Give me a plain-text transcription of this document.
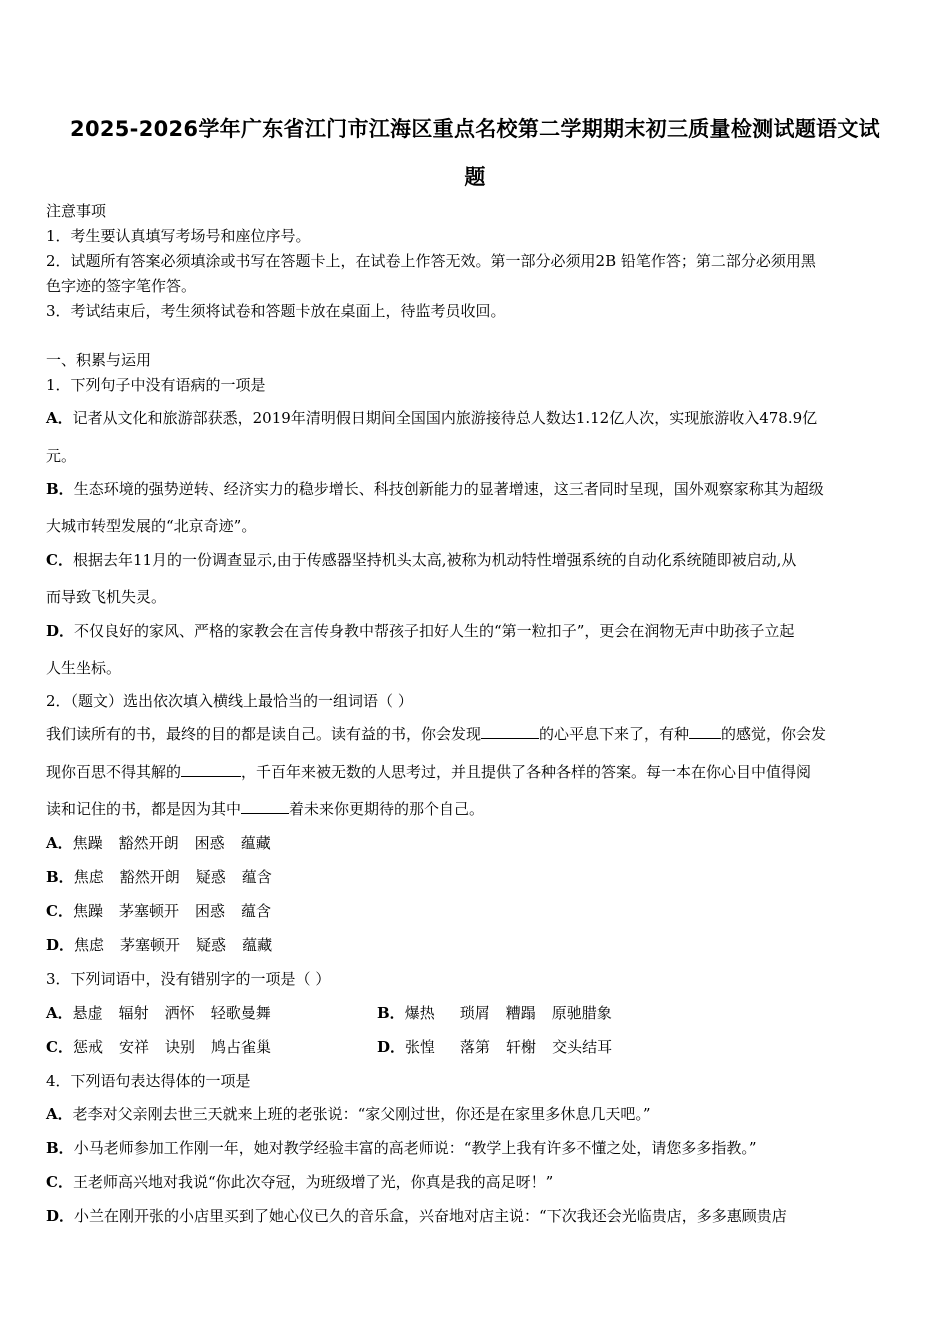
2025-2026学年广东省江门市江海区重点名校第二学期期末初三质量检测试题语文试
题
注意事项
1．考生要认真填写考场号和座位序号。
2．试题所有答案必须填涂或书写在答题卡上，在试卷上作答无效。第一部分必须用2B 铅笔作答；第二部分必须用黑
色字迹的签字笔作答。
3．考试结束后，考生须将试卷和答题卡放在桌面上，待监考员收回。
一、积累与运用
1．下列句子中没有语病的一项是
A．记者从文化和旅游部获悉，2019年清明假日期间全国国内旅游接待总人数达1.12亿人次，实现旅游收入478.9亿
元。
B．生态环境的强势逆转、经济实力的稳步增长、科技创新能力的显著增速，这三者同时呈现，国外观察家称其为超级
大城市转型发展的“北京奇迹”。
C．根据去年11月的一份调查显示,由于传感器坚持机头太高,被称为机动特性增强系统的自动化系统随即被启动,从
而导致飞机失灵。
D．不仅良好的家风、严格的家教会在言传身教中帮孩子扣好人生的“第一粒扣子”，更会在润物无声中助孩子立起
人生坐标。
2．（题文）选出依次填入横线上最恰当的一组词语（ ）
我们读所有的书，最终的目的都是读自己。读有益的书，你会发现	的心平息下来了，有种 的感觉，你会发
现你百思不得其解的	，千百年来被无数的人思考过，并且提供了各种各样的答案。每一本在你心目中值得阅
读和记住的书，都是因为其中	着未来你更期待的那个自己。
A．焦躁 豁然开朗 困惑 蕴藏
B．焦虑 豁然开朗 疑惑 蕴含
C．焦躁 茅塞顿开 困惑 蕴含
D．焦虑 茅塞顿开 疑惑 蕴藏
3．下列词语中，没有错别字的一项是（ ）
A．悬虚 辐射 洒怀 轻歌曼舞	B．爆热 琐屑 糟蹋 原驰腊象
C．惩戒 安祥 诀别 鸠占雀巢	D．张惶 落第 轩榭 交头结耳
4．下列语句表达得体的一项是
A．老李对父亲刚去世三天就来上班的老张说：“家父刚过世，你还是在家里多休息几天吧。”
B．小马老师参加工作刚一年，她对教学经验丰富的高老师说：“教学上我有许多不懂之处，请您多多指教。”
C．王老师高兴地对我说“你此次夺冠，为班级增了光，你真是我的高足呀！”
D．小兰在刚开张的小店里买到了她心仪已久的音乐盒，兴奋地对店主说：“下次我还会光临贵店，多多惠顾贵店
